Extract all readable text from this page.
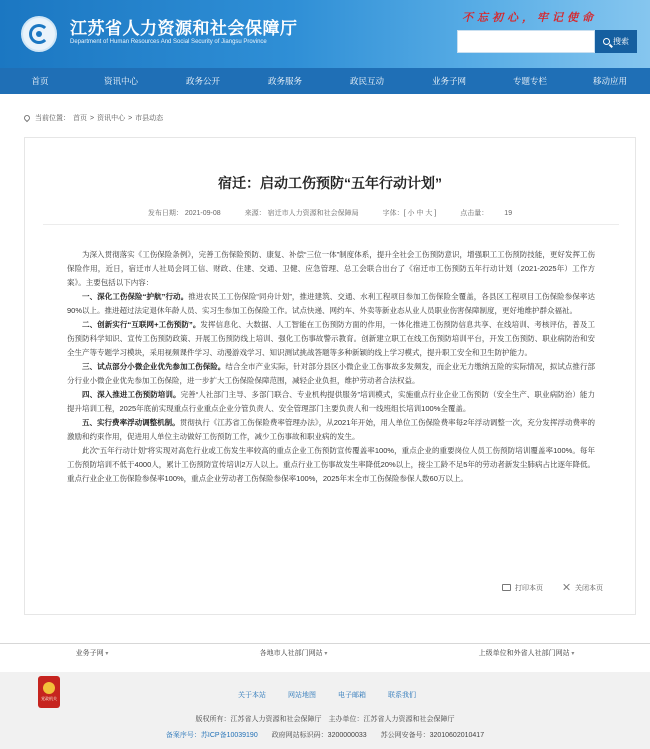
江苏省人力资源和社会保障厅
Department of Human Resources And Social Security of Jiangsu Province
不忘初心，牢记使命
搜索
首页	资讯中心	政务公开	政务服务	政民互动	业务子网	专题专栏	移动应用
当前位置： 首页 > 资讯中心 > 市县动态
宿迁：启动工伤预防“五年行动计划”
发布日期： 2021-09-08	来源： 宿迁市人力资源和社会保障局	字体：[ 小 中 大 ]	点击量： 19

为深入贯彻落实《工伤保险条例》，完善工伤保险预防、康复、补偿“三位一体”制度体系，提升全社会工伤预防意识，增强职工工伤预防技能，更好发挥工伤保险作用，近日，宿迁市人社局会同工信、财政、住建、交通、卫健、应急管理、总工会联合出台了《宿迁市工伤预防五年行动计划（2021-2025年）工作方案》。主要包括以下内容：

一、深化工伤保险“护航”行动。推进农民工工伤保险“同舟计划”，推进建筑、交通、水利工程项目参加工伤保险全覆盖，各县区工程项目工伤保险参保率达90%以上。推进超过法定退休年龄人员、实习生参加工伤保险工作。试点快递、网约车、外卖等新业态从业人员职业伤害保障制度，更好地维护群众福祉。

二、创新实行“互联网+工伤预防”。发挥信息化、大数据、人工智能在工伤预防方面的作用，一体化推进工伤预防信息共享、在线培训、考核评估，普及工伤预防科学知识、宣传工伤预防政策、开展工伤预防线上培训、强化工伤事故警示教育。创新建立职工在线工伤预防培训平台，开发工伤预防、职业病防治和安全生产等专题学习模块，采用视频课件学习、动漫游戏学习、知识测试挑战答题等多种新颖的线上学习模式，提升职工安全和卫生防护能力。

三、试点部分小微企业优先参加工伤保险。结合全市产业实际，针对部分县区小微企业工伤事故多发频发，而企业无力缴纳五险的实际情况，拟试点推行部分行业小微企业优先参加工伤保险，进一步扩大工伤保险保障范围，减轻企业负担，维护劳动者合法权益。

四、深入推进工伤预防培训。完善“人社部门主导、多部门联合、专业机构提供服务”培训模式，实施重点行业企业工伤预防（安全生产、职业病防治）能力提升培训工程，2025年底前实现重点行业重点企业分管负责人、安全管理部门主要负责人和一线班组长培训100%全覆盖。

五、实行费率浮动调整机制。贯彻执行《江苏省工伤保险费率管理办法》，从2021年开始，用人单位工伤保险费率每2年浮动调整一次，充分发挥浮动费率的激励和约束作用，促进用人单位主动做好工伤预防工作，减少工伤事故和职业病的发生。

此次“五年行动计划”将实现对高危行业或工伤发生率较高的重点企业工伤预防宣传覆盖率100%，重点企业的重要岗位人员工伤预防培训覆盖率100%。每年工伤预防培训不低于4000人，累计工伤预防宣传培训2万人以上。重点行业工伤事故发生率降低20%以上，接尘工龄不足5年的劳动者新发尘肺病占比逐年降低。重点行业企业工伤保险参保率100%，重点企业劳动者工伤保险参保率100%，2025年末全市工伤保险参保人数60万以上。

打印本页	关闭本页
业务子网 ▾	各地市人社部门网站 ▾	上级单位和外省人社部门网站 ▾
党政机关	关于本站	网站地图	电子邮箱	联系我们
版权所有：江苏省人力资源和社会保障厅　主办单位：江苏省人力资源和社会保障厅
备案序号：苏ICP备10039190 政府网站标识码：3200000033 苏公网安备号：32010602010417
